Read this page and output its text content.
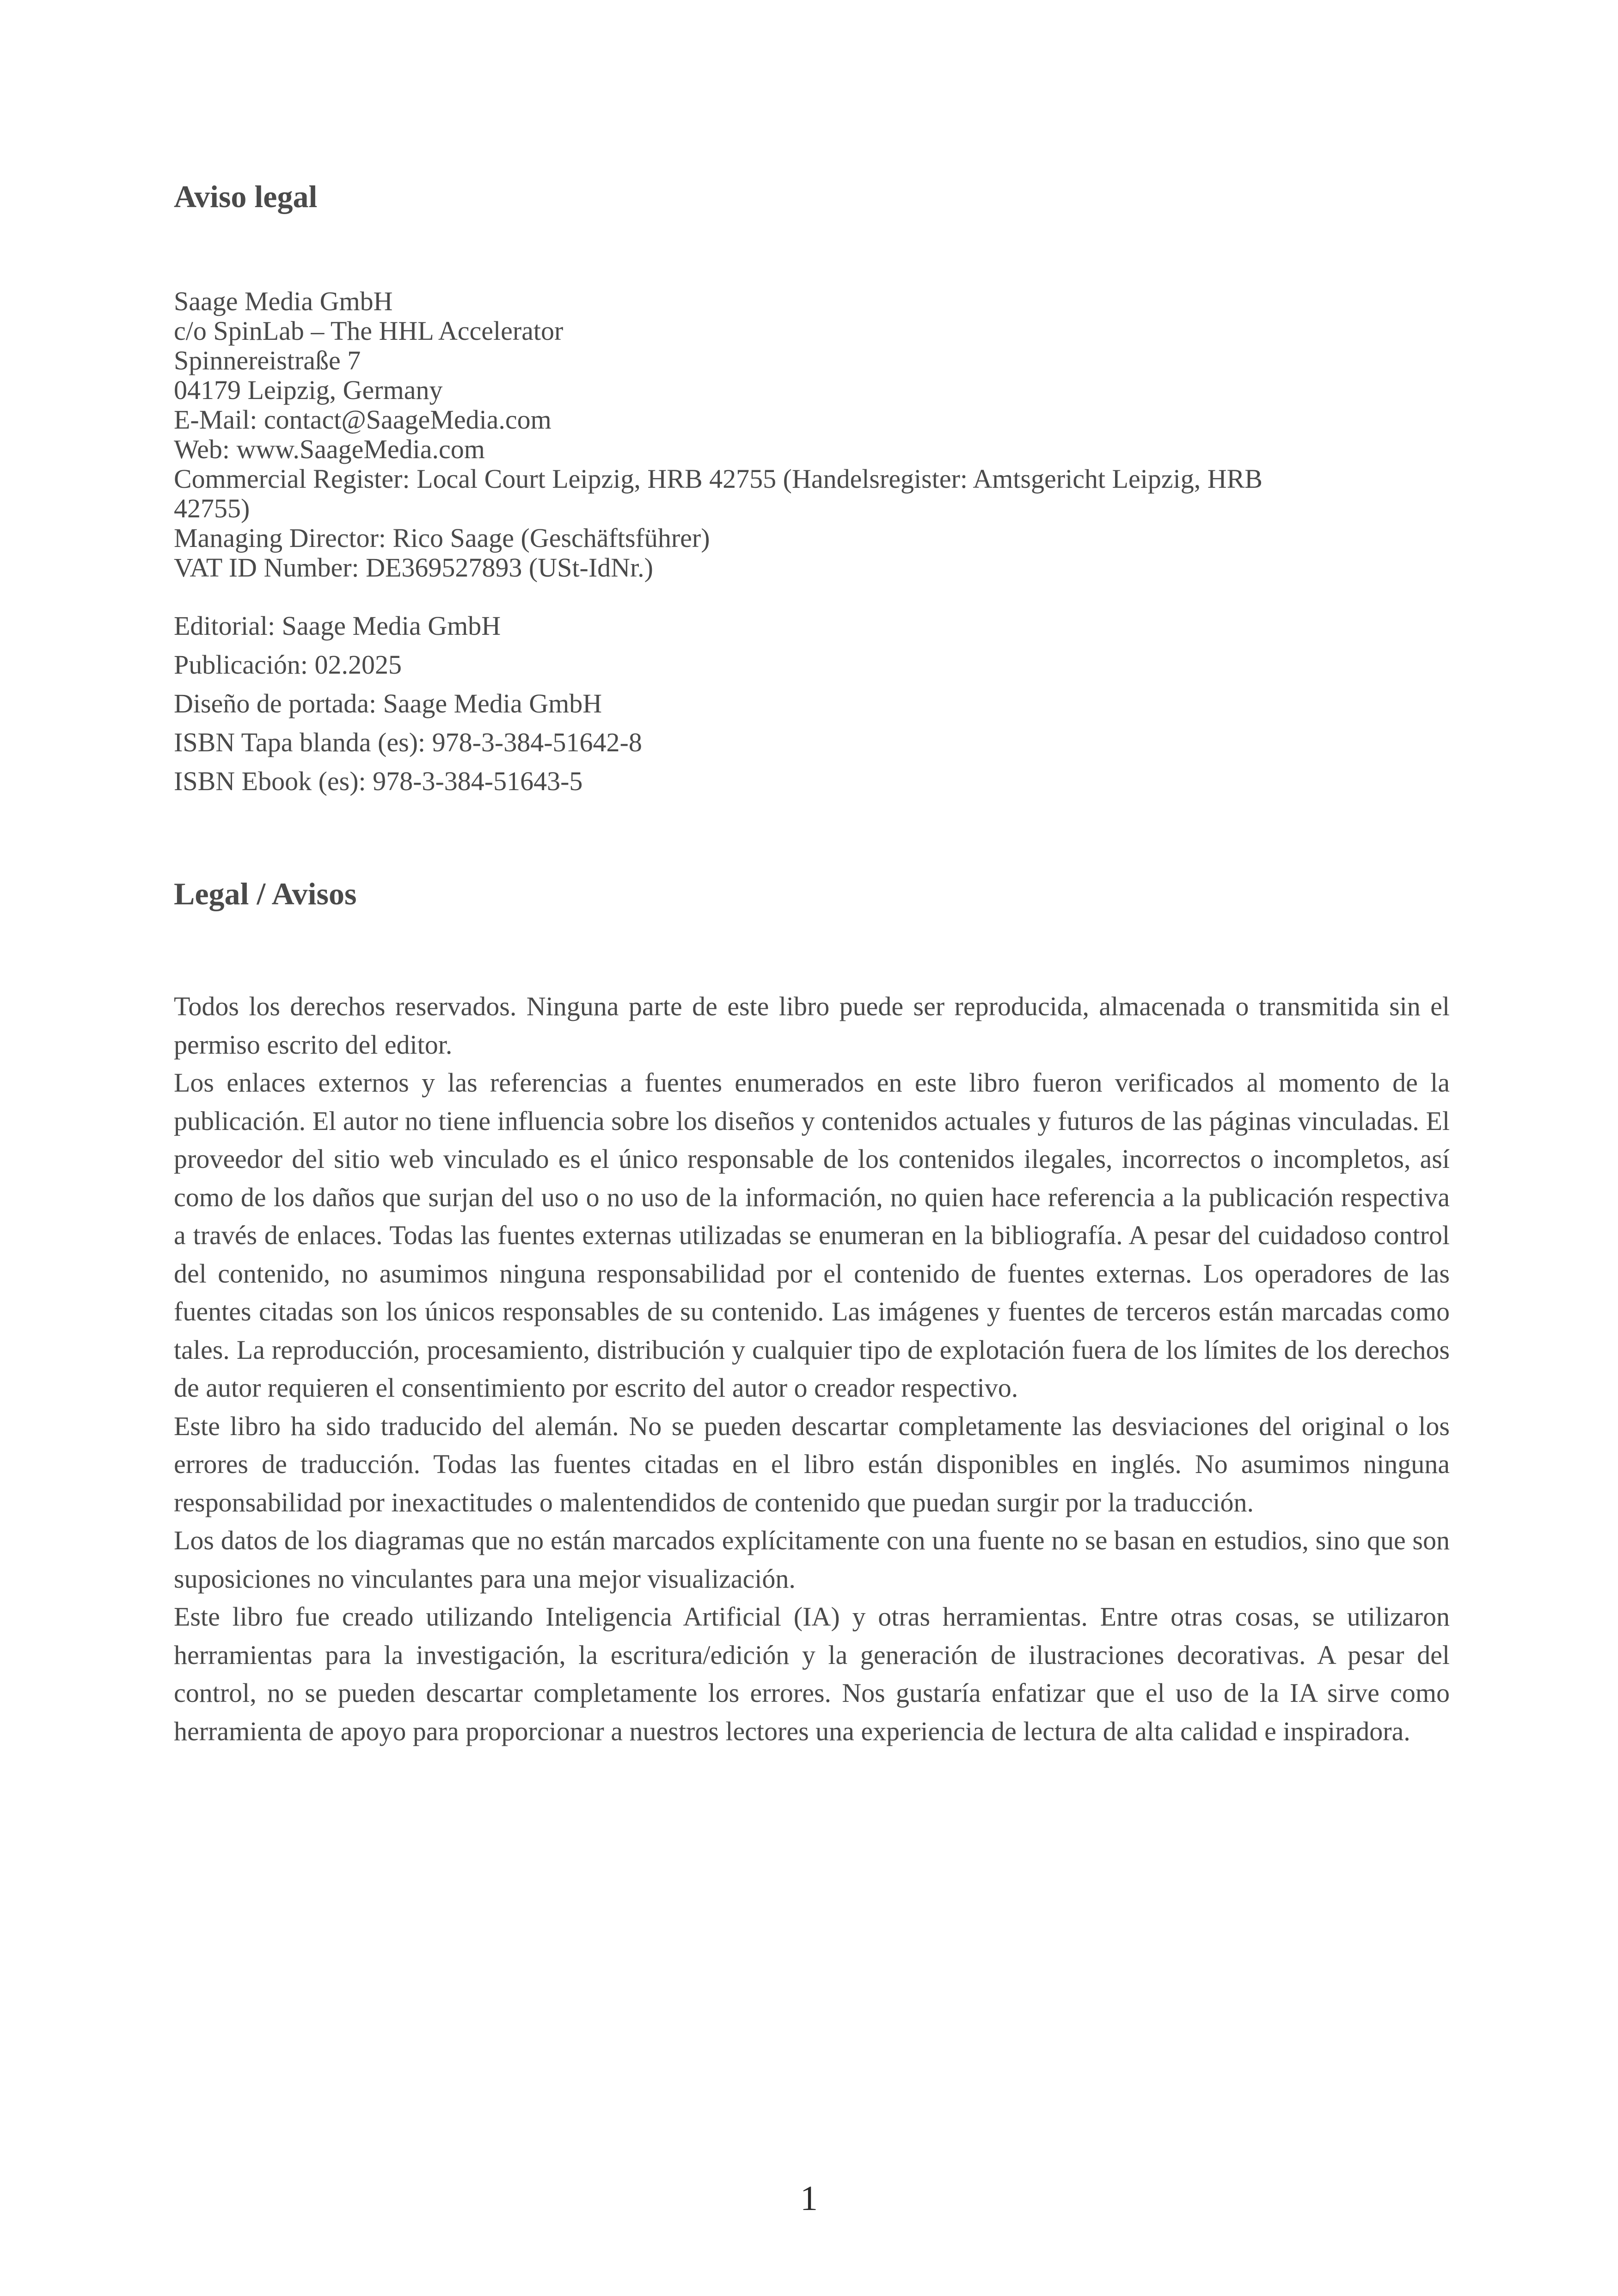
Aviso legal
Saage Media GmbH
c/o SpinLab – The HHL Accelerator
Spinnereistraße 7
04179 Leipzig, Germany
E-Mail: contact@SaageMedia.com
Web: www.SaageMedia.com
Commercial Register: Local Court Leipzig, HRB 42755 (Handelsregister: Amtsgericht Leipzig, HRB
42755)
Managing Director: Rico Saage (Geschäftsführer)
VAT ID Number: DE369527893 (USt-IdNr.)
Editorial: Saage Media GmbH
Publicación: 02.2025
Diseño de portada: Saage Media GmbH
ISBN Tapa blanda (es): 978-3-384-51642-8
ISBN Ebook (es): 978-3-384-51643-5
Legal / Avisos

Todos los derechos reservados. Ninguna parte de este libro puede ser reproducida, almacenada o transmitida sin el permiso escrito del editor.

Los enlaces externos y las referencias a fuentes enumerados en este libro fueron verificados al momento de la publicación. El autor no tiene influencia sobre los diseños y contenidos actuales y futuros de las páginas vinculadas. El proveedor del sitio web vinculado es el único responsable de los contenidos ilegales, incorrectos o incompletos, así como de los daños que surjan del uso o no uso de la información, no quien hace referencia a la publicación respectiva a través de enlaces. Todas las fuentes externas utilizadas se enumeran en la bibliografía. A pesar del cuidadoso control del contenido, no asumimos ninguna responsabilidad por el contenido de fuentes externas. Los operadores de las fuentes citadas son los únicos responsables de su contenido. Las imágenes y fuentes de terceros están marcadas como tales. La reproducción, procesamiento, distribución y cualquier tipo de explotación fuera de los límites de los derechos de autor requieren el consentimiento por escrito del autor o creador respectivo.

Este libro ha sido traducido del alemán. No se pueden descartar completamente las desviaciones del original o los errores de traducción. Todas las fuentes citadas en el libro están disponibles en inglés. No asumimos ninguna responsabilidad por inexactitudes o malentendidos de contenido que puedan surgir por la traducción.

Los datos de los diagramas que no están marcados explícitamente con una fuente no se basan en estudios, sino que son suposiciones no vinculantes para una mejor visualización.

Este libro fue creado utilizando Inteligencia Artificial (IA) y otras herramientas. Entre otras cosas, se utilizaron herramientas para la investigación, la escritura/edición y la generación de ilustraciones decorativas. A pesar del control, no se pueden descartar completamente los errores. Nos gustaría enfatizar que el uso de la IA sirve como herramienta de apoyo para proporcionar a nuestros lectores una experiencia de lectura de alta calidad e inspiradora.

1
